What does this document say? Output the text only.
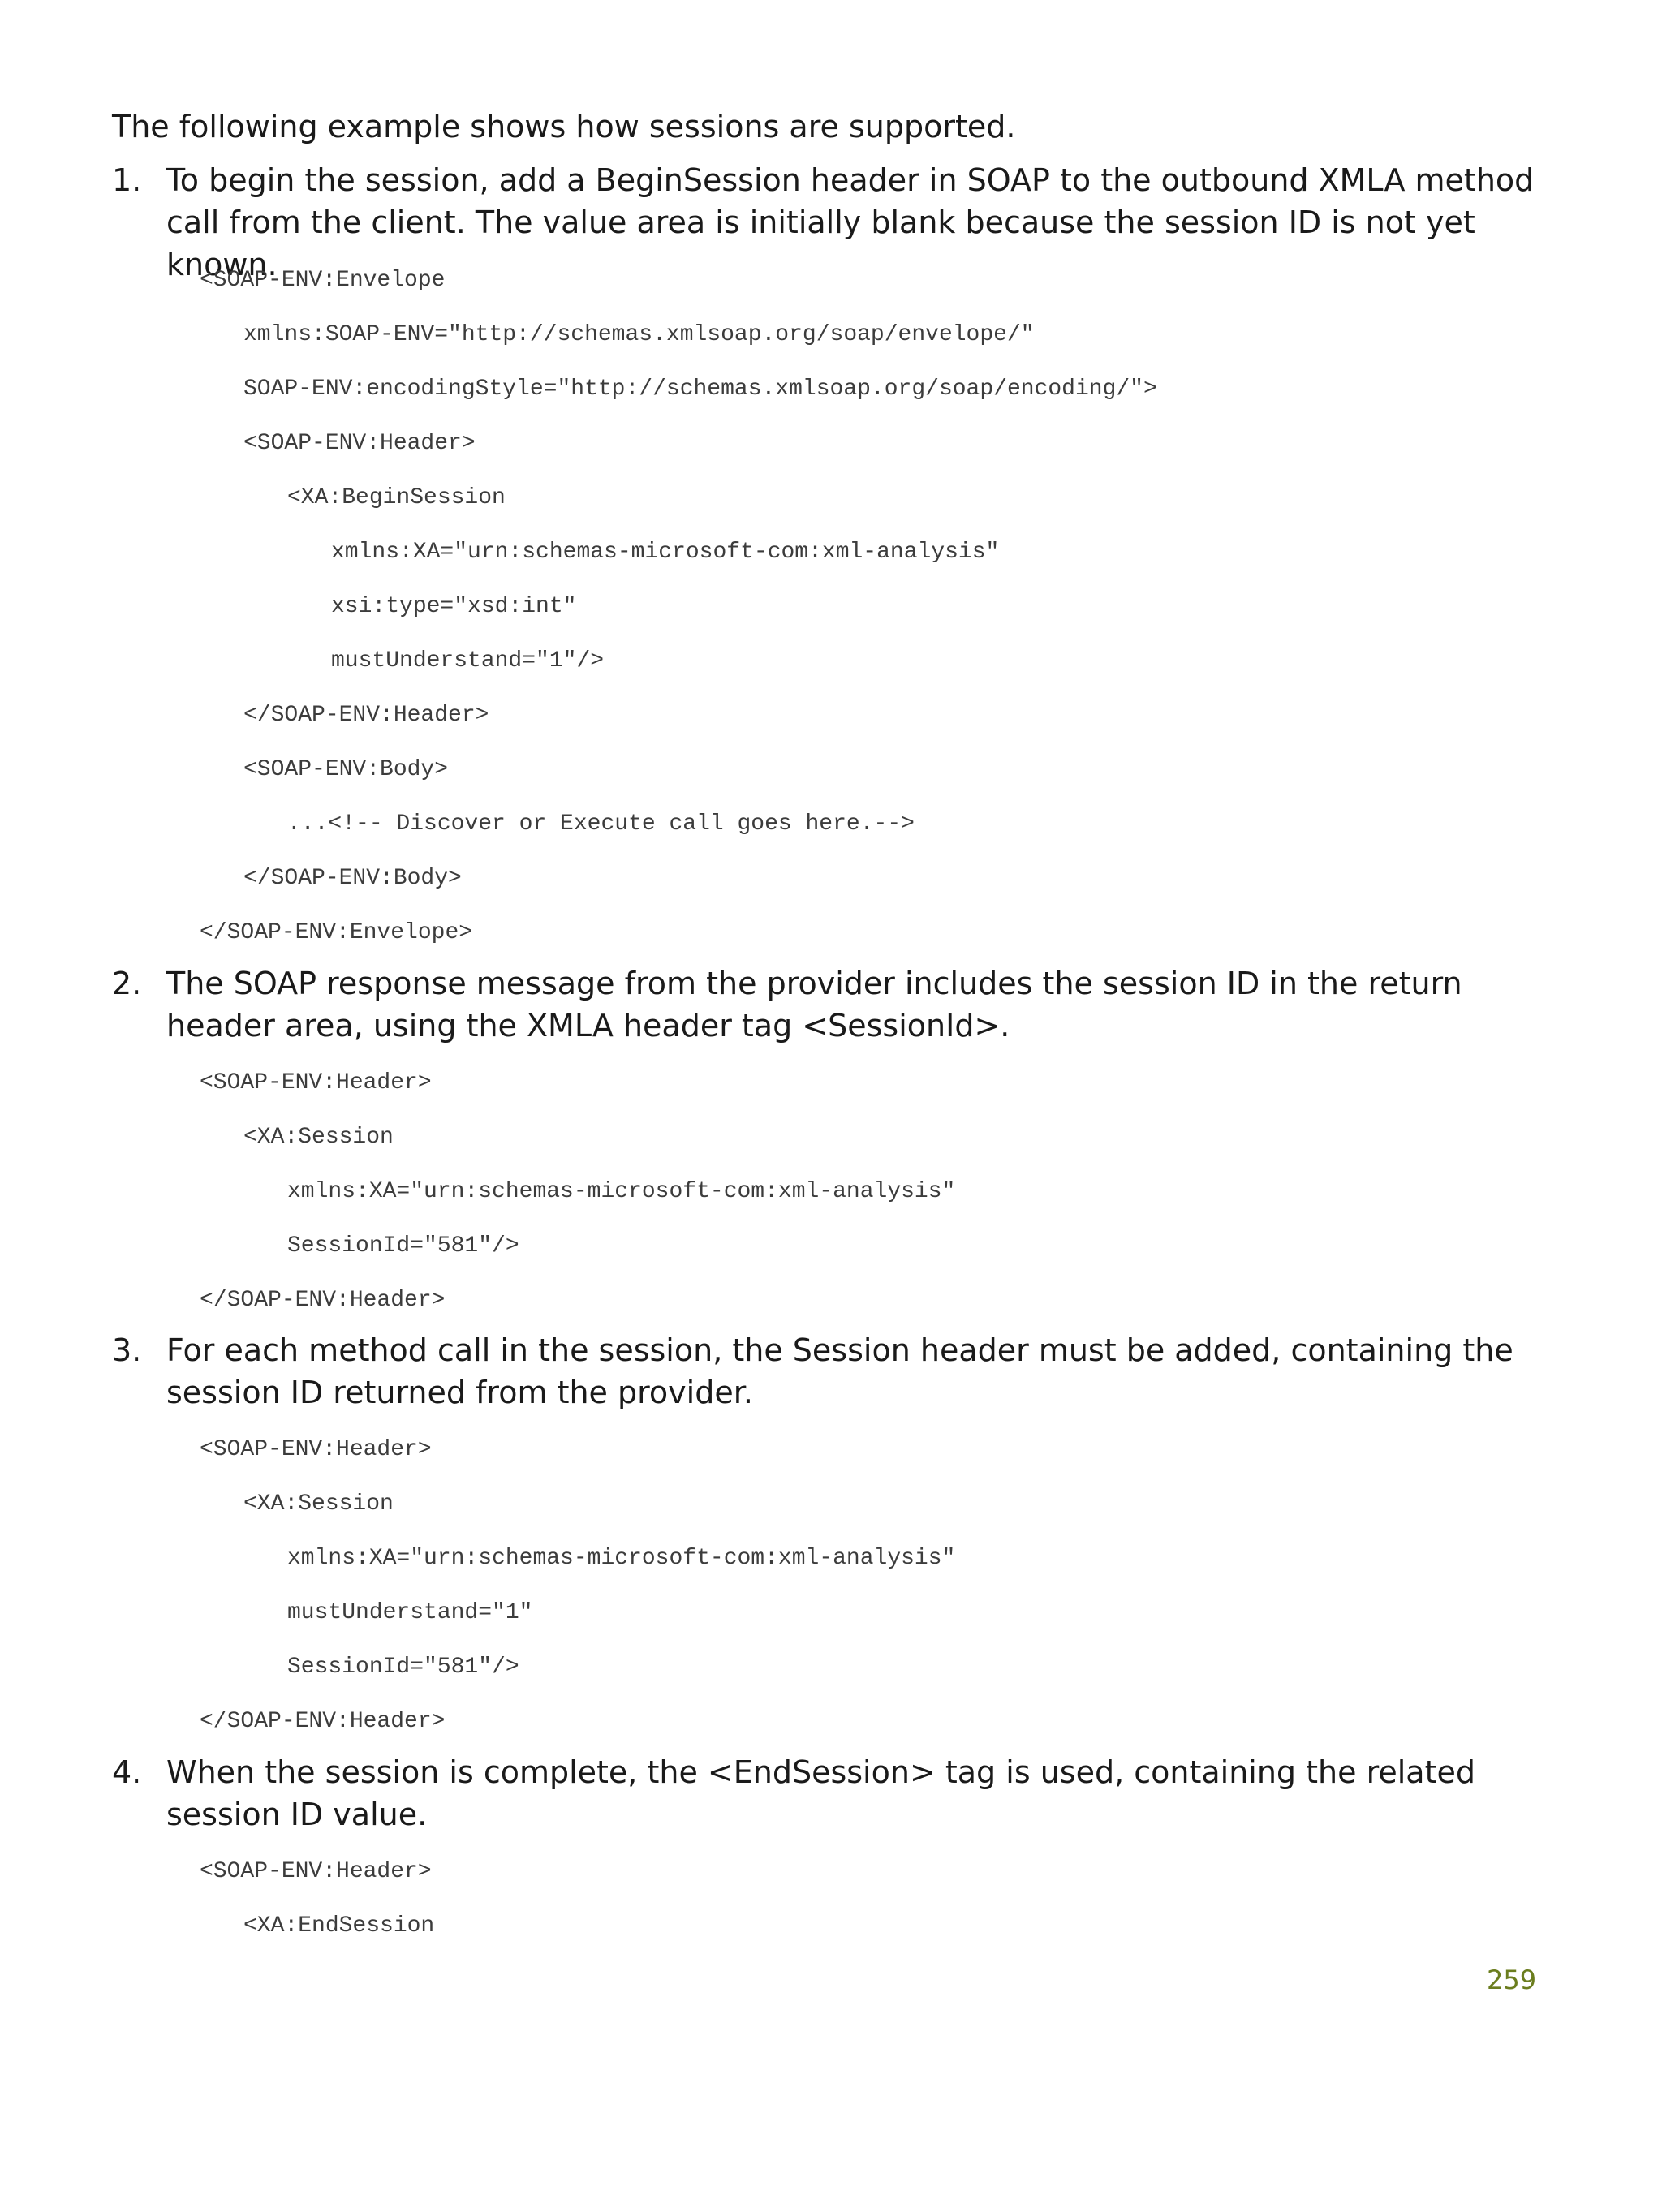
The following example shows how sessions are supported.

1. To begin the session, add a BeginSession header in SOAP to the outbound XMLA method call from the client. The value area is initially blank because the session ID is not yet known.

<SOAP-ENV:Envelope
xmlns:SOAP-ENV="http://schemas.xmlsoap.org/soap/envelope/"
SOAP-ENV:encodingStyle="http://schemas.xmlsoap.org/soap/encoding/">
<SOAP-ENV:Header>
<XA:BeginSession
xmlns:XA="urn:schemas-microsoft-com:xml-analysis"
xsi:type="xsd:int"
mustUnderstand="1"/>
</SOAP-ENV:Header>
<SOAP-ENV:Body>
...<!-- Discover or Execute call goes here.-->
</SOAP-ENV:Body>
</SOAP-ENV:Envelope>
2. The SOAP response message from the provider includes the session ID in the return header area, using the XMLA header tag <SessionId>.

<SOAP-ENV:Header>
<XA:Session
xmlns:XA="urn:schemas-microsoft-com:xml-analysis"
SessionId="581"/>
</SOAP-ENV:Header>
3. For each method call in the session, the Session header must be added, containing the session ID returned from the provider.

<SOAP-ENV:Header>
<XA:Session
xmlns:XA="urn:schemas-microsoft-com:xml-analysis"
mustUnderstand="1"
SessionId="581"/>
</SOAP-ENV:Header>
4. When the session is complete, the <EndSession> tag is used, containing the related session ID value.

<SOAP-ENV:Header>
<XA:EndSession
259
